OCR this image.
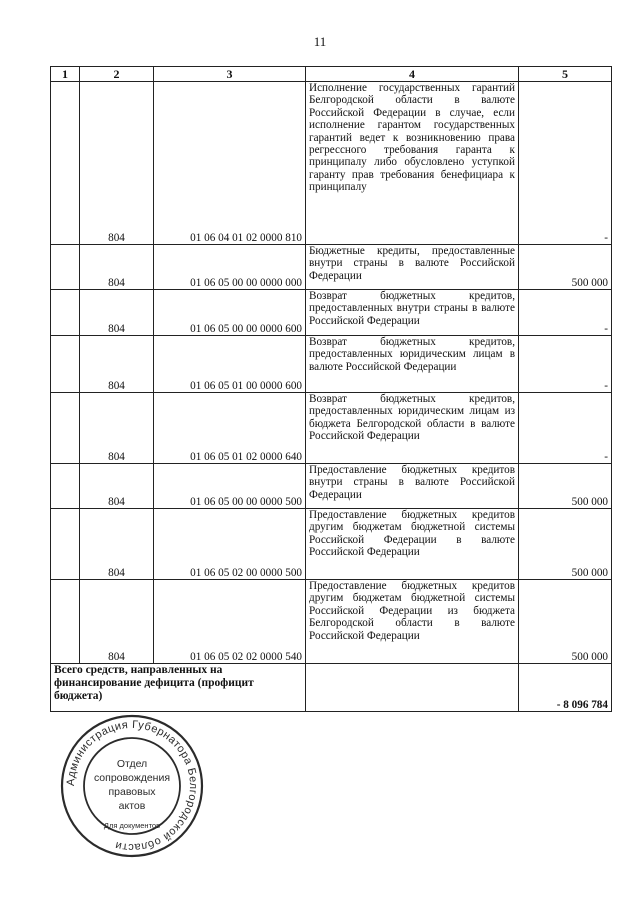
11
1	2	3	4	5
	804	01 06 04 01 02 0000 810	Исполнение государственных гарантий Белгородской области в валюте Российской Федерации в случае, если исполнение гарантом государственных гарантий ведет к возникновению права регрессного требования гаранта к принципалу либо обусловлено уступкой гаранту прав требования бенефициара к принципалу	-
	804	01 06 05 00 00 0000 000	Бюджетные кредиты, предоставленные внутри страны в валюте Российской Федерации	500 000
	804	01 06 05 00 00 0000 600	Возврат бюджетных кредитов, предоставленных внутри страны в валюте Российской Федерации	-
	804	01 06 05 01 00 0000 600	Возврат бюджетных кредитов, предоставленных юридическим лицам в валюте Российской Федерации	-
	804	01 06 05 01 02 0000 640	Возврат бюджетных кредитов, предоставленных юридическим лицам из бюджета Белгородской области в валюте Российской Федерации	-
	804	01 06 05 00 00 0000 500	Предоставление бюджетных кредитов внутри страны в валюте Российской Федерации	500 000
	804	01 06 05 02 00 0000 500	Предоставление бюджетных кредитов другим бюджетам бюджетной системы Российской Федерации в валюте Российской Федерации	500 000
	804	01 06 05 02 02 0000 540	Предоставление бюджетных кредитов другим бюджетам бюджетной системы Российской Федерации из бюджета Белгородской области в валюте Российской Федерации	500 000
Всего средств, направленных на финансирование дефицита (профицит бюджета)				- 8 096 784
Администрация Губернатора Белгородской области
Отдел
сопровождения
правовых
актов
Для документов
